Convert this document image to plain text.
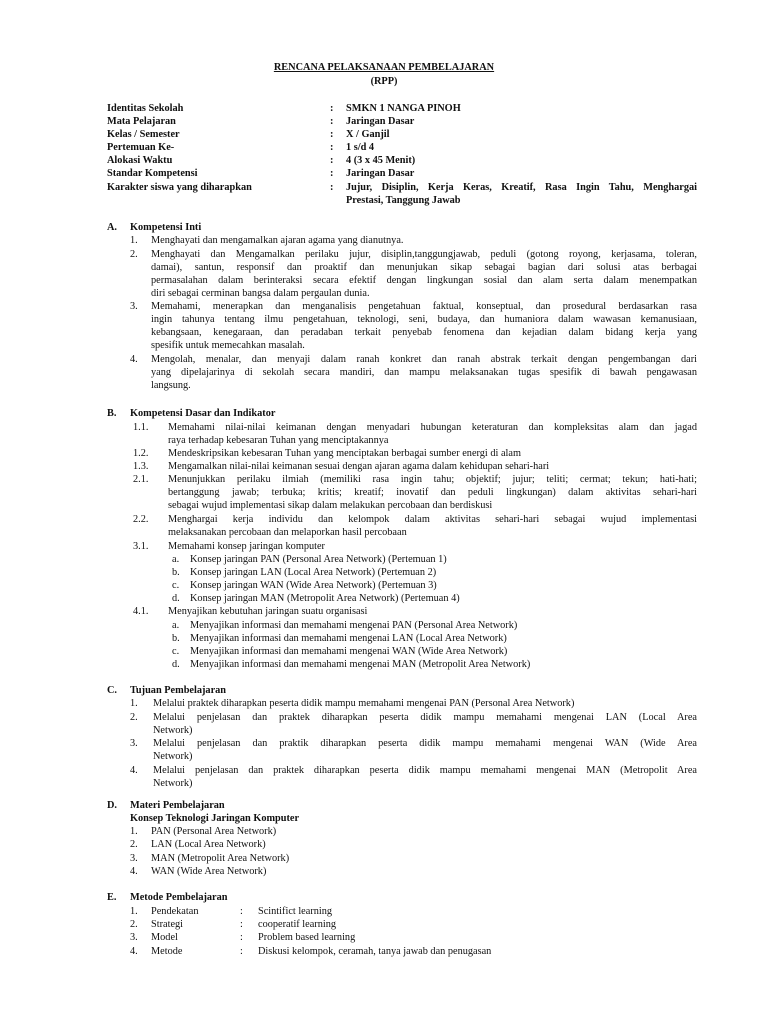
RENCANA PELAKSANAAN PEMBELAJARAN
(RPP)
Identitas Sekolah	: SMKN 1 NANGA PINOH
Mata Pelajaran	: Jaringan Dasar
Kelas / Semester	: X / Ganjil
Pertemuan Ke-	: 1 s/d 4
Alokasi Waktu	: 4 (3 x 45 Menit)
Standar Kompetensi	: Jaringan Dasar
Karakter siswa yang diharapkan	: Jujur, Disiplin, Kerja Keras, Kreatif, Rasa Ingin Tahu, Menghargai
Prestasi, Tanggung Jawab
A. Kompetensi Inti
1. Menghayati dan mengamalkan ajaran agama yang dianutnya.
2. Menghayati dan Mengamalkan perilaku jujur, disiplin,tanggungjawab, peduli (gotong royong, kerjasama, toleran,
damai), santun, responsif dan proaktif dan menunjukan sikap sebagai bagian dari solusi atas berbagai
permasalahan dalam berinteraksi secara efektif dengan lingkungan sosial dan alam serta dalam menempatkan
diri sebagai cerminan bangsa dalam pergaulan dunia.
3. Memahami, menerapkan dan menganalisis pengetahuan faktual, konseptual, dan prosedural berdasarkan rasa
ingin tahunya tentang ilmu pengetahuan, teknologi, seni, budaya, dan humaniora dalam wawasan kemanusiaan,
kebangsaan, kenegaraan, dan peradaban terkait penyebab fenomena dan kejadian dalam bidang kerja yang
spesifik untuk memecahkan masalah.
4. Mengolah, menalar, dan menyaji dalam ranah konkret dan ranah abstrak terkait dengan pengembangan dari
yang dipelajarinya di sekolah secara mandiri, dan mampu melaksanakan tugas spesifik di bawah pengawasan
langsung.
B. Kompetensi Dasar dan Indikator
1.1. Memahami nilai-nilai keimanan dengan menyadari hubungan keteraturan dan kompleksitas alam dan jagad
raya terhadap kebesaran Tuhan yang menciptakannya
1.2. Mendeskripsikan kebesaran Tuhan yang menciptakan berbagai sumber energi di alam
1.3. Mengamalkan nilai-nilai keimanan sesuai dengan ajaran agama dalam kehidupan sehari-hari
2.1. Menunjukkan perilaku ilmiah (memiliki rasa ingin tahu; objektif; jujur; teliti; cermat; tekun; hati-hati;
bertanggung jawab; terbuka; kritis; kreatif; inovatif dan peduli lingkungan) dalam aktivitas sehari-hari
sebagai wujud implementasi sikap dalam melakukan percobaan dan berdiskusi
2.2. Menghargai kerja individu dan kelompok dalam aktivitas sehari-hari sebagai wujud implementasi
melaksanakan percobaan dan melaporkan hasil percobaan
3.1. Memahami konsep jaringan komputer
a. Konsep jaringan PAN (Personal Area Network) (Pertemuan 1)
b. Konsep jaringan LAN (Local Area Network) (Pertemuan 2)
c. Konsep jaringan WAN (Wide Area Network) (Pertemuan 3)
d. Konsep jaringan MAN (Metropolit Area Network) (Pertemuan 4)
4.1. Menyajikan kebutuhan jaringan suatu organisasi
a. Menyajikan informasi dan memahami mengenai PAN (Personal Area Network)
b. Menyajikan informasi dan memahami mengenai LAN (Local Area Network)
c. Menyajikan informasi dan memahami mengenai WAN (Wide Area Network)
d. Menyajikan informasi dan memahami mengenai MAN (Metropolit Area Network)
C. Tujuan Pembelajaran
1. Melalui praktek diharapkan peserta didik mampu memahami mengenai PAN (Personal Area Network)
2. Melalui penjelasan dan praktek diharapkan peserta didik mampu memahami mengenai LAN (Local Area
Network)
3. Melalui penjelasan dan praktik diharapkan peserta didik mampu memahami mengenai WAN (Wide Area
Network)
4. Melalui penjelasan dan praktek diharapkan peserta didik mampu memahami mengenai MAN (Metropolit Area
Network)
D. Materi Pembelajaran
Konsep Teknologi Jaringan Komputer
1. PAN (Personal Area Network)
2. LAN (Local Area Network)
3. MAN (Metropolit Area Network)
4. WAN (Wide Area Network)
E. Metode Pembelajaran
1. Pendekatan	: Scintifict learning
2. Strategi	: cooperatif learning
3. Model	: Problem based learning
4. Metode	: Diskusi kelompok, ceramah, tanya jawab dan penugasan
